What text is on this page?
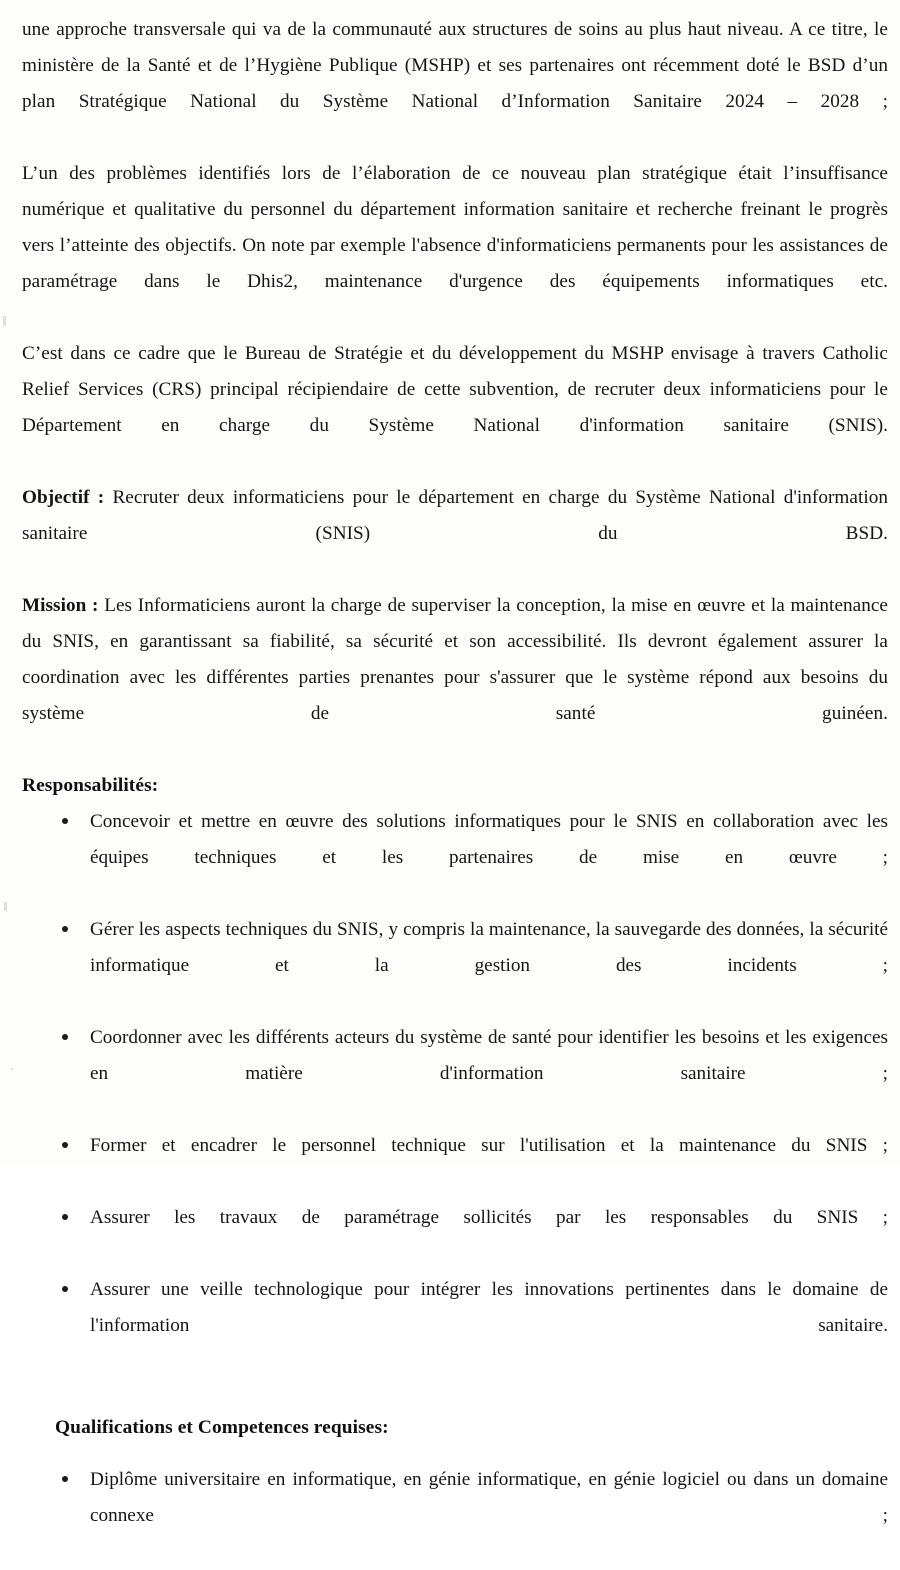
une approche transversale qui va de la communauté aux structures de soins au plus haut niveau. A ce titre, le ministère de la Santé et de l’Hygiène Publique (MSHP) et ses partenaires ont récemment doté le BSD d’un plan Stratégique National du Système National d’Information Sanitaire 2024 – 2028 ;

L’un des problèmes identifiés lors de l’élaboration de ce nouveau plan stratégique était l’insuffisance numérique et qualitative du personnel du département information sanitaire et recherche freinant le progrès vers l’atteinte des objectifs. On note par exemple l'absence d'informaticiens permanents pour les assistances de paramétrage dans le Dhis2, maintenance d'urgence des équipements informatiques etc.

C’est dans ce cadre que le Bureau de Stratégie et du développement du MSHP envisage à travers Catholic Relief Services (CRS) principal récipiendaire de cette subvention, de recruter deux informaticiens pour le Département en charge du Système National d'information sanitaire (SNIS).

Objectif : Recruter deux informaticiens pour le département en charge du Système National d'information sanitaire (SNIS) du BSD.

Mission : Les Informaticiens auront la charge de superviser la conception, la mise en œuvre et la maintenance du SNIS, en garantissant sa fiabilité, sa sécurité et son accessibilité. Ils devront également assurer la coordination avec les différentes parties prenantes pour s'assurer que le système répond aux besoins du système de santé guinéen.

Responsabilités:
Concevoir et mettre en œuvre des solutions informatiques pour le SNIS en collaboration avec les équipes techniques et les partenaires de mise en œuvre ;
Gérer les aspects techniques du SNIS, y compris la maintenance, la sauvegarde des données, la sécurité informatique et la gestion des incidents ;
Coordonner avec les différents acteurs du système de santé pour identifier les besoins et les exigences en matière d'information sanitaire ;
Former et encadrer le personnel technique sur l'utilisation et la maintenance du SNIS ;
Assurer les travaux de paramétrage sollicités par les responsables du SNIS ;
Assurer une veille technologique pour intégrer les innovations pertinentes dans le domaine de l'information sanitaire.
Qualifications et Competences requises:
Diplôme universitaire en informatique, en génie informatique, en génie logiciel ou dans un domaine connexe ;
